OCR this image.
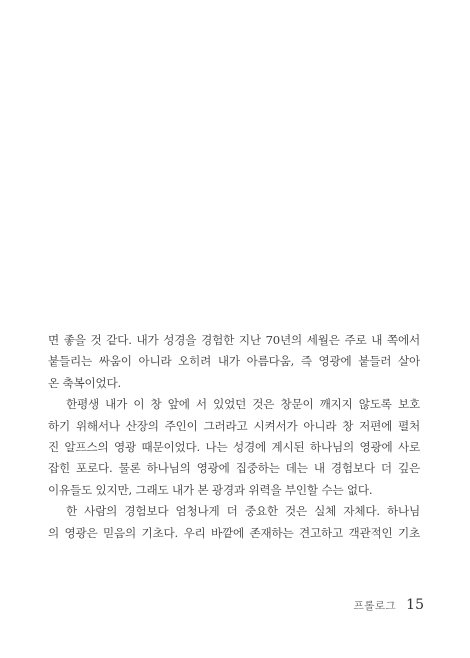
면 좋을 것 같다. 내가 성경을 경험한 지난 70년의 세월은 주로 내 쪽에서
붙들리는 싸움이 아니라 오히려 내가 아름다움, 즉 영광에 붙들러 살아
온 축복이었다.
한평생 내가 이 창 앞에 서 있었던 것은 창문이 깨지지 않도록 보호
하기 위해서나 산장의 주인이 그러라고 시켜서가 아니라 창 저편에 펼처
진 알프스의 영광 때문이었다. 나는 성경에 계시된 하나님의 영광에 사로
잡힌 포로다. 물론 하나님의 영광에 집중하는 데는 내 경험보다 더 깊은
이유들도 있지만, 그래도 내가 본 광경과 위력을 부인할 수는 없다.
한 사람의 경험보다 엄청나게 더 중요한 것은 실체 자체다. 하나님
의 영광은 믿음의 기초다. 우리 바깥에 존재하는 견고하고 객관적인 기초
프롤로그 15
